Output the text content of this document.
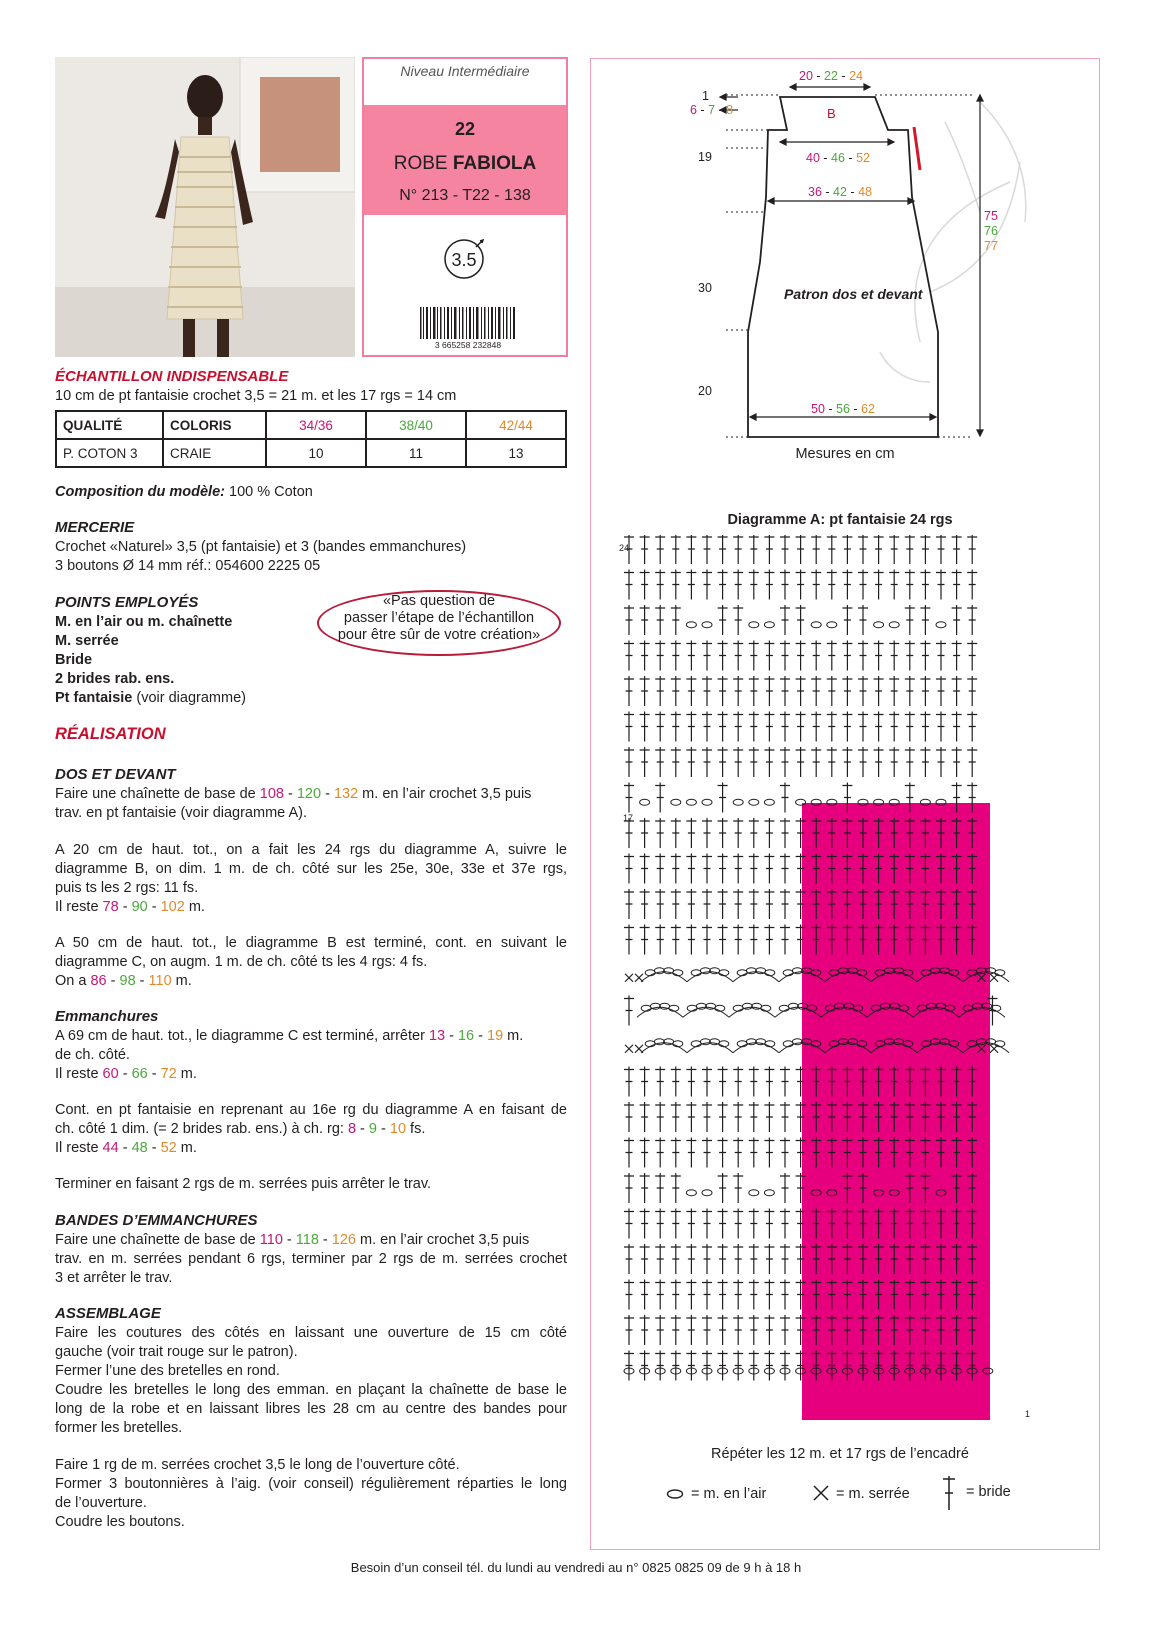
Niveau Intermédiaire
22
ROBE FABIOLA
N° 213 - T22 - 138
3.5
3 665258 232848
ÉCHANTILLON INDISPENSABLE
10 cm de pt fantaisie crochet 3,5 = 21 m. et les 17 rgs = 14 cm
QUALITÉ	COLORIS	34/36	38/40	42/44
P. COTON 3	CRAIE	10	11	13
Composition du modèle: 100 % Coton
MERCERIE
Crochet «Naturel» 3,5 (pt fantaisie) et 3 (bandes emmanchures)
3 boutons Ø 14 mm réf.: 054600 2225 05
POINTS EMPLOYÉS
M. en l’air ou m. chaînette
M. serrée
Bride
2 brides rab. ens.
Pt fantaisie (voir diagramme)
«Pas question de
passer l’étape de l’échantillon
pour être sûr de votre création»
RÉALISATION
DOS ET DEVANT
Faire une chaînette de base de 108 - 120 - 132 m. en l’air crochet 3,5 puis
trav. en pt fantaisie (voir diagramme A).
A 20 cm de haut. tot., on a fait les 24 rgs du diagramme A, suivre le
diagramme B, on dim. 1 m. de ch. côté sur les 25e, 30e, 33e et 37e rgs,
puis ts les 2 rgs: 11 fs.
Il reste 78 - 90 - 102 m.
A 50 cm de haut. tot., le diagramme B est terminé, cont. en suivant le
diagramme C, on augm. 1 m. de ch. côté ts les 4 rgs: 4 fs.
On a 86 - 98 - 110 m.
Emmanchures
A 69 cm de haut. tot., le diagramme C est terminé, arrêter 13 - 16 - 19 m.
de ch. côté.
Il reste 60 - 66 - 72 m.
Cont. en pt fantaisie en reprenant au 16e rg du diagramme A en faisant de
ch. côté 1 dim. (= 2 brides rab. ens.) à ch. rg: 8 - 9 - 10 fs.
Il reste 44 - 48 - 52 m.
Terminer en faisant 2 rgs de m. serrées puis arrêter le trav.
BANDES D’EMMANCHURES
Faire une chaînette de base de 110 - 118 - 126 m. en l’air crochet 3,5 puis
trav. en m. serrées pendant 6 rgs, terminer par 2 rgs de m. serrées crochet
3 et arrêter le trav.
ASSEMBLAGE
Faire les coutures des côtés en laissant une ouverture de 15 cm côté
gauche (voir trait rouge sur le patron).
Fermer l’une des bretelles en rond.
Coudre les bretelles le long des emman. en plaçant la chaînette de base le
long de la robe et en laissant libres les 28 cm au centre des bandes pour
former les bretelles.
Faire 1 rg de m. serrées crochet 3,5 le long de l’ouverture côté.
Former 3 boutonnières à l’aig. (voir conseil) régulièrement réparties le long
de l’ouverture.
Coudre les boutons.
20 - 22 - 24
1
6 - 7 - 8	B
40 - 46 - 52
19
36 - 42 - 48
75
76
77
30	Patron dos et devant
20
50 - 56 - 62
Mesures en cm
Diagramme A: pt fantaisie 24 rgs
24
17
1
Répéter les 12 m. et 17 rgs de l’encadré
= m. en l’air	= m. serrée	= bride
Besoin d’un conseil tél. du lundi au vendredi au n° 0825 0825 09 de 9 h à 18 h
